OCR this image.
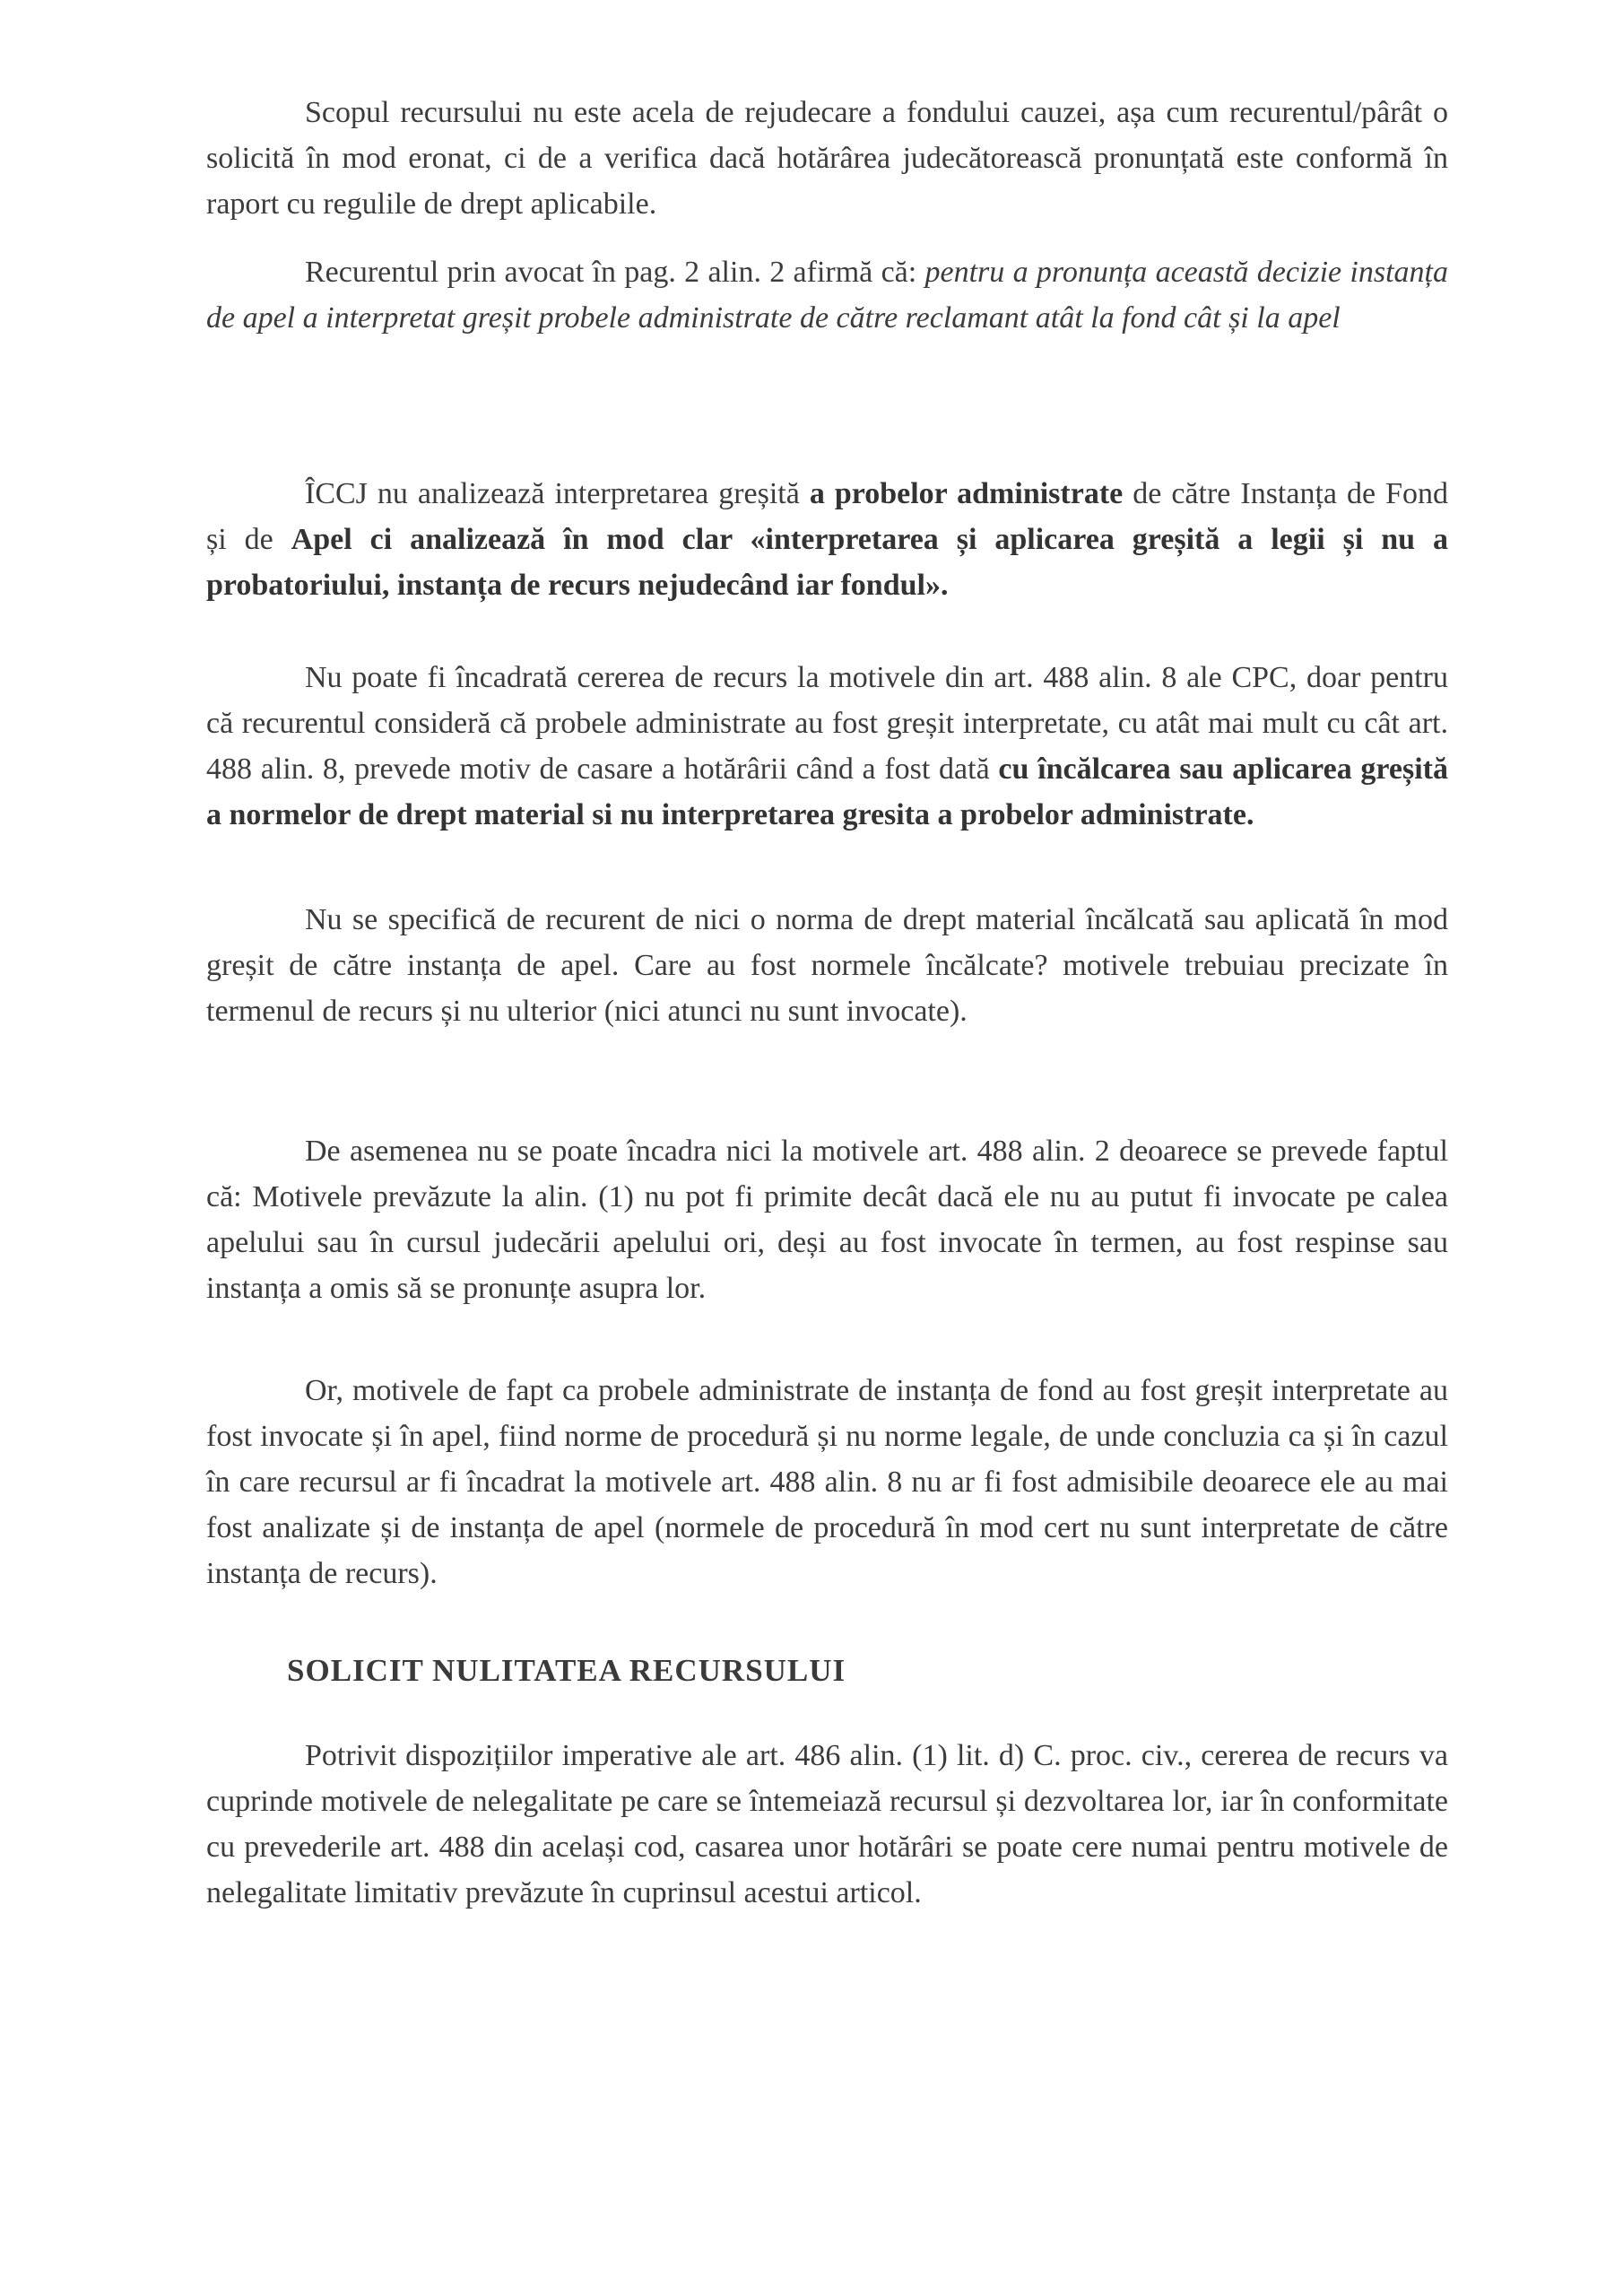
Scopul recursului nu este acela de rejudecare a fondului cauzei, așa cum recurentul/pârât o solicită în mod eronat, ci de a verifica dacă hotărârea judecătorească pronunțată este conformă în raport cu regulile de drept aplicabile.

Recurentul prin avocat în pag. 2 alin. 2 afirmă că: pentru a pronunța această decizie instanța de apel a interpretat greșit probele administrate de către reclamant atât la fond cât și la apel

ÎCCJ nu analizează interpretarea greșită a probelor administrate de către Instanța de Fond și de Apel ci analizează în mod clar «interpretarea și aplicarea greșită a legii și nu a probatoriului, instanța de recurs nejudecând iar fondul».

Nu poate fi încadrată cererea de recurs la motivele din art. 488 alin. 8 ale CPC, doar pentru că recurentul consideră că probele administrate au fost greșit interpretate, cu atât mai mult cu cât art. 488 alin. 8, prevede motiv de casare a hotărârii când a fost dată cu încălcarea sau aplicarea greșită a normelor de drept material si nu interpretarea gresita a probelor administrate.

Nu se specifică de recurent de nici o norma de drept material încălcată sau aplicată în mod greșit de către instanța de apel. Care au fost normele încălcate? motivele trebuiau precizate în termenul de recurs și nu ulterior (nici atunci nu sunt invocate).

De asemenea nu se poate încadra nici la motivele art. 488 alin. 2 deoarece se prevede faptul că: Motivele prevăzute la alin. (1) nu pot fi primite decât dacă ele nu au putut fi invocate pe calea apelului sau în cursul judecării apelului ori, deși au fost invocate în termen, au fost respinse sau instanța a omis să se pronunțe asupra lor.

Or, motivele de fapt ca probele administrate de instanța de fond au fost greșit interpretate au fost invocate și în apel, fiind norme de procedură și nu norme legale, de unde concluzia ca și în cazul în care recursul ar fi încadrat la motivele art. 488 alin. 8 nu ar fi fost admisibile deoarece ele au mai fost analizate și de instanța de apel (normele de procedură în mod cert nu sunt interpretate de către instanța de recurs).

SOLICIT NULITATEA RECURSULUI

Potrivit dispozițiilor imperative ale art. 486 alin. (1) lit. d) C. proc. civ., cererea de recurs va cuprinde motivele de nelegalitate pe care se întemeiază recursul și dezvoltarea lor, iar în conformitate cu prevederile art. 488 din același cod, casarea unor hotărâri se poate cere numai pentru motivele de nelegalitate limitativ prevăzute în cuprinsul acestui articol.
